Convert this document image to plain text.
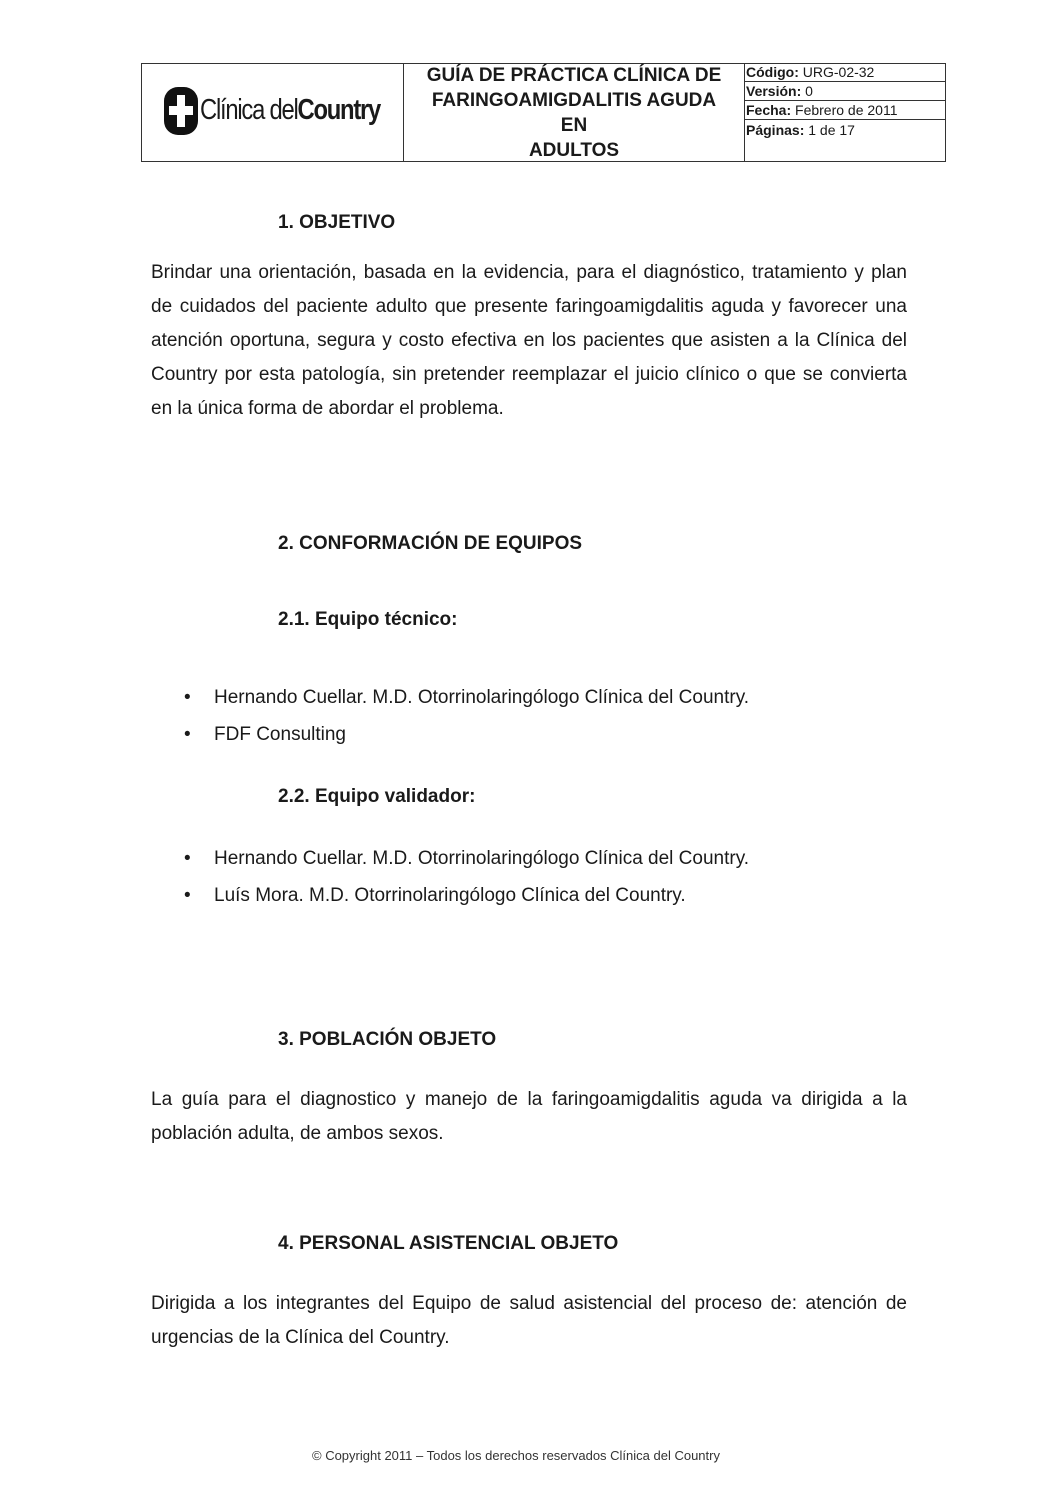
Clínica delCountry
GUÍA DE PRÁCTICA CLÍNICA DE
FARINGOAMIGDALITIS AGUDA
EN
ADULTOS
Código: URG-02-32
Versión: 0
Fecha: Febrero de 2011
Páginas: 1 de 17
1. OBJETIVO
Brindar una orientación, basada en la evidencia, para el diagnóstico, tratamiento y plan de cuidados del paciente adulto que presente faringoamigdalitis aguda y favorecer una atención oportuna, segura y costo efectiva en los pacientes que asisten a la Clínica del Country por esta patología, sin pretender reemplazar el juicio clínico o que se convierta en la única forma de abordar el problema.
2. CONFORMACIÓN DE EQUIPOS
2.1. Equipo técnico:
• Hernando Cuellar. M.D. Otorrinolaringólogo Clínica del Country.
• FDF Consulting
2.2. Equipo validador:
• Hernando Cuellar. M.D. Otorrinolaringólogo Clínica del Country.
• Luís Mora. M.D. Otorrinolaringólogo Clínica del Country.
3. POBLACIÓN OBJETO
La guía para el diagnostico y manejo de la faringoamigdalitis aguda va dirigida a la población adulta, de ambos sexos.
4. PERSONAL ASISTENCIAL OBJETO
Dirigida a los integrantes del Equipo de salud asistencial del proceso de: atención de urgencias de la Clínica del Country.
© Copyright 2011 – Todos los derechos reservados Clínica del Country
